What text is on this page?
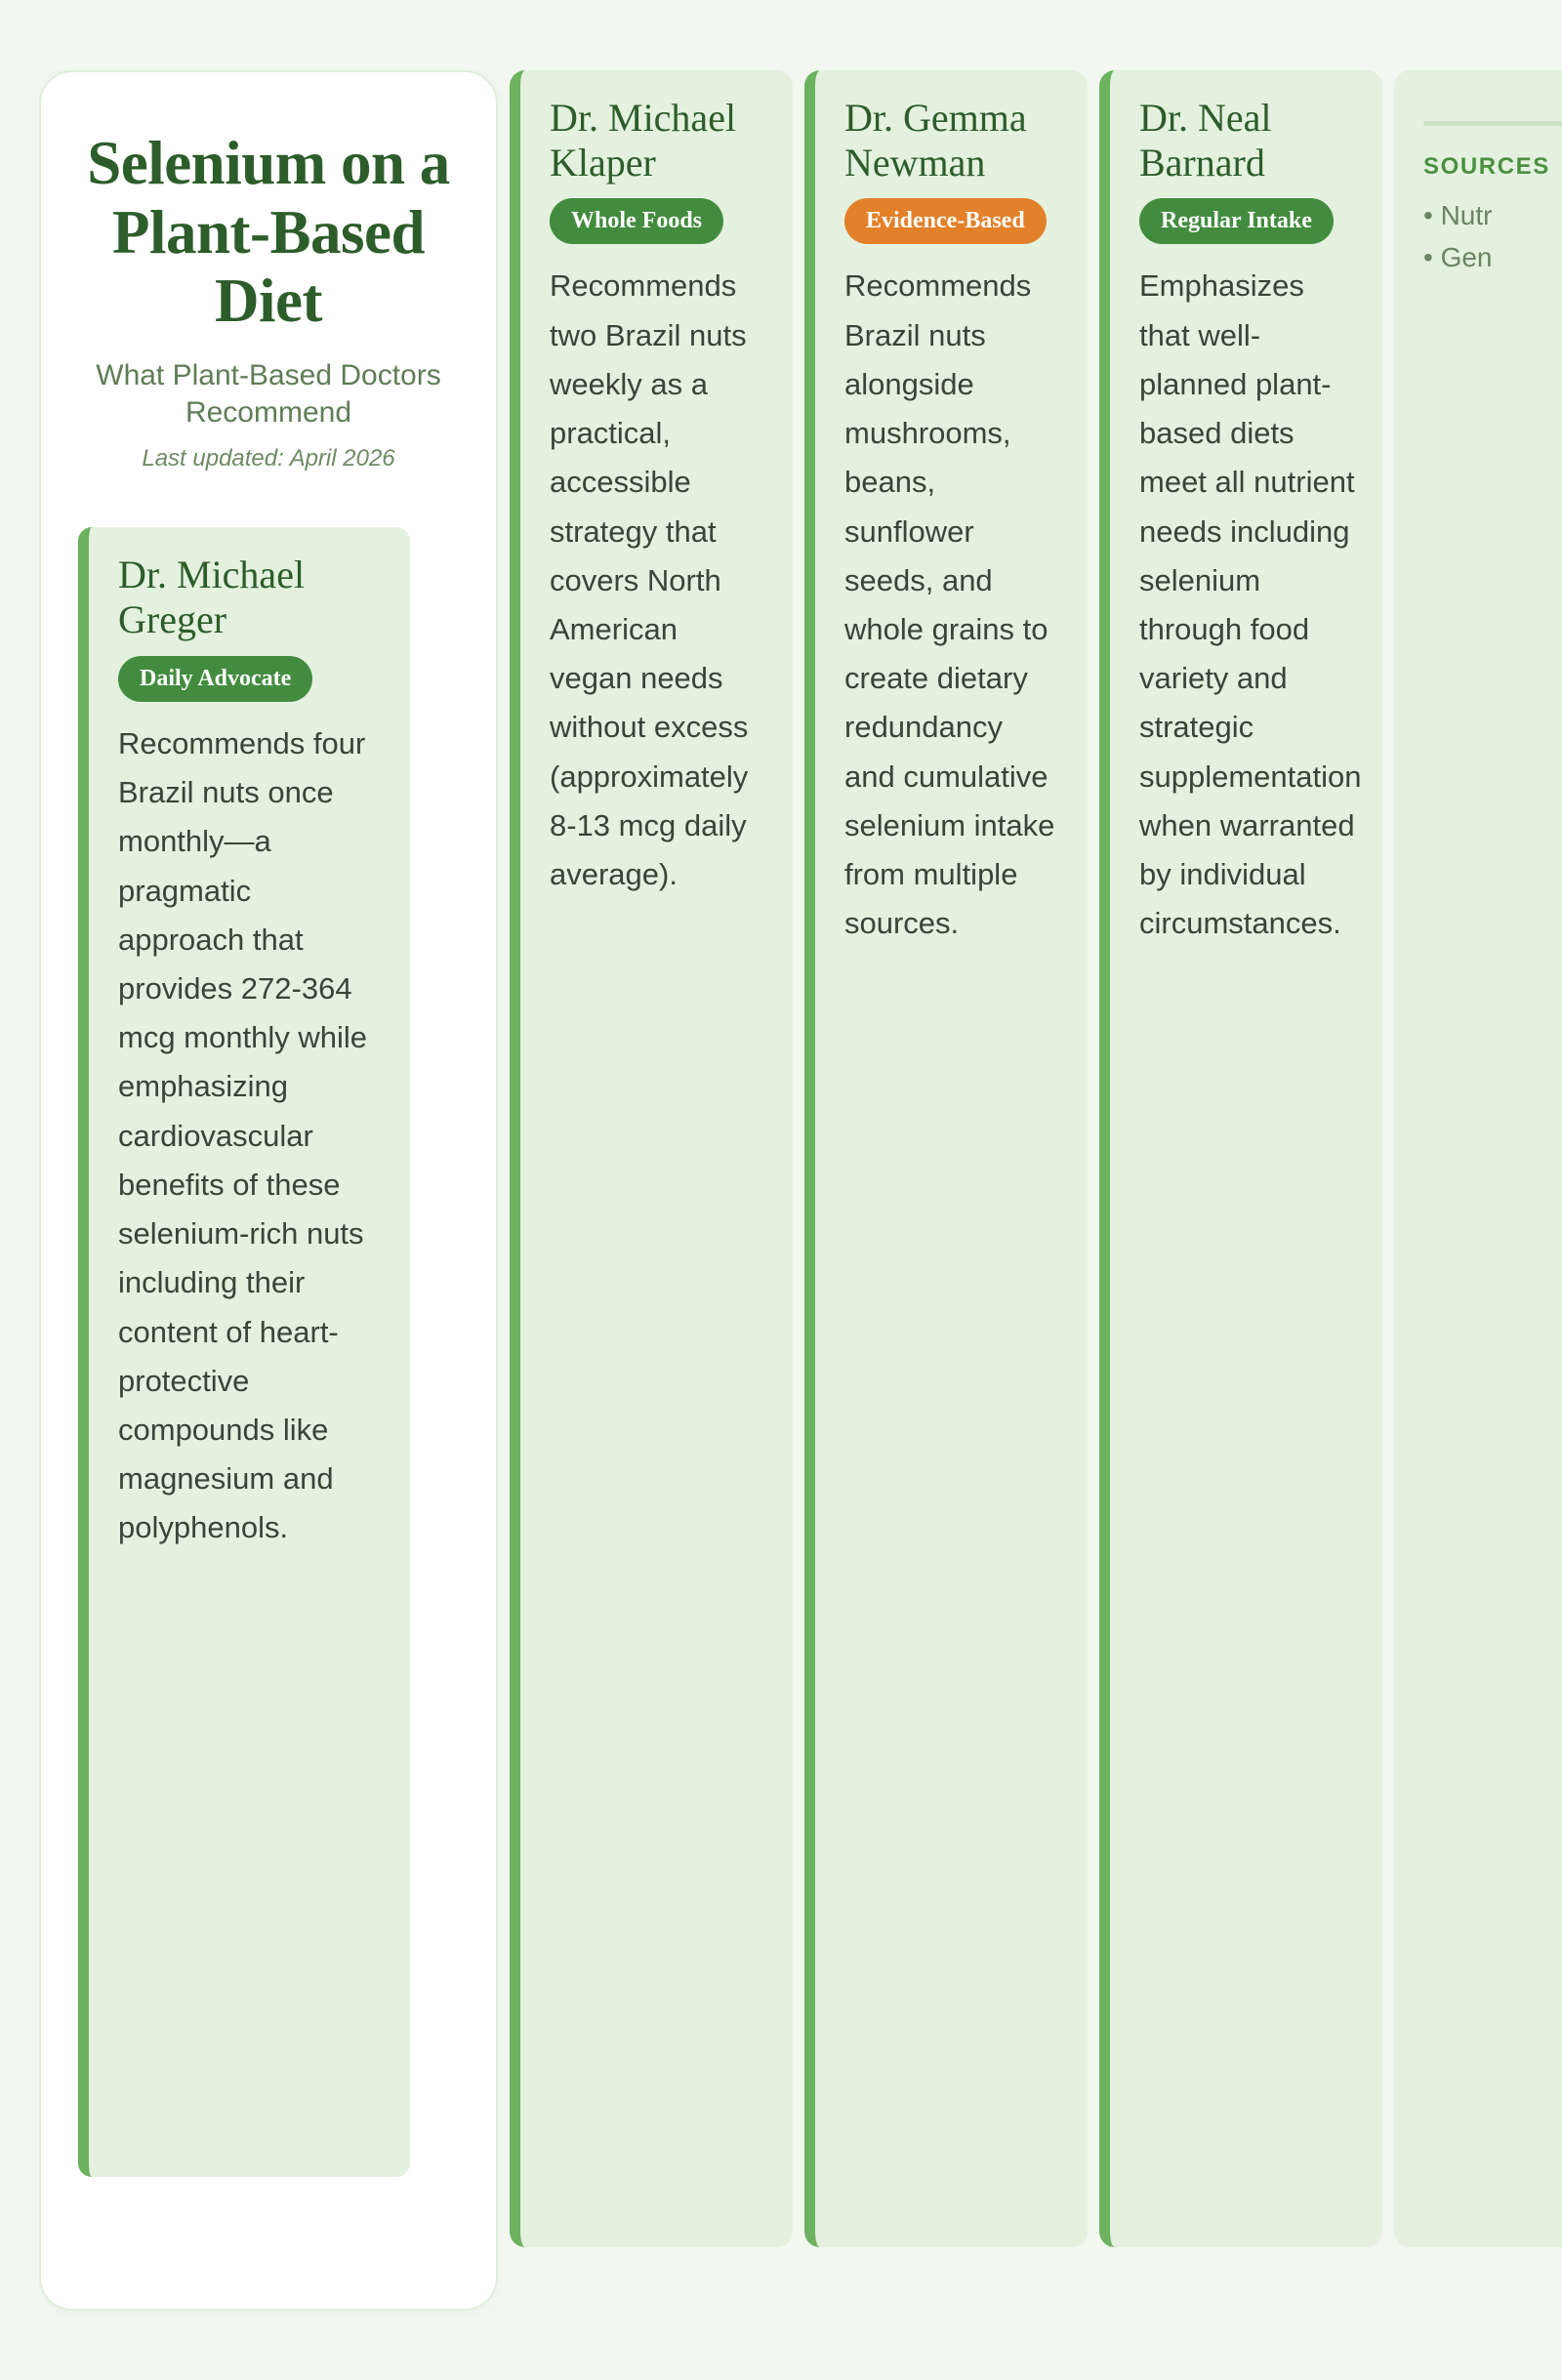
Selenium on a Plant-Based Diet

What Plant-Based Doctors Recommend

Last updated: April 2026

Dr. Michael Greger
Daily Advocate

Recommends four Brazil nuts once monthly—a pragmatic approach that provides 272-364 mcg monthly while emphasizing cardiovascular benefits of these selenium-rich nuts including their content of heart-protective compounds like magnesium and polyphenols.

Dr. Michael Klaper
Whole Foods

Recommends two Brazil nuts weekly as a practical, accessible strategy that covers North American vegan needs without excess (approximately 8-13 mcg daily average).

Dr. Gemma Newman
Evidence-Based

Recommends Brazil nuts alongside mushrooms, beans, sunflower seeds, and whole grains to create dietary redundancy and cumulative selenium intake from multiple sources.

Dr. Neal Barnard
Regular Intake

Emphasizes that well-planned plant-based diets meet all nutrient needs including selenium through food variety and strategic supplementation when warranted by individual circumstances.

SOURCES

• Nutr

• Gen
